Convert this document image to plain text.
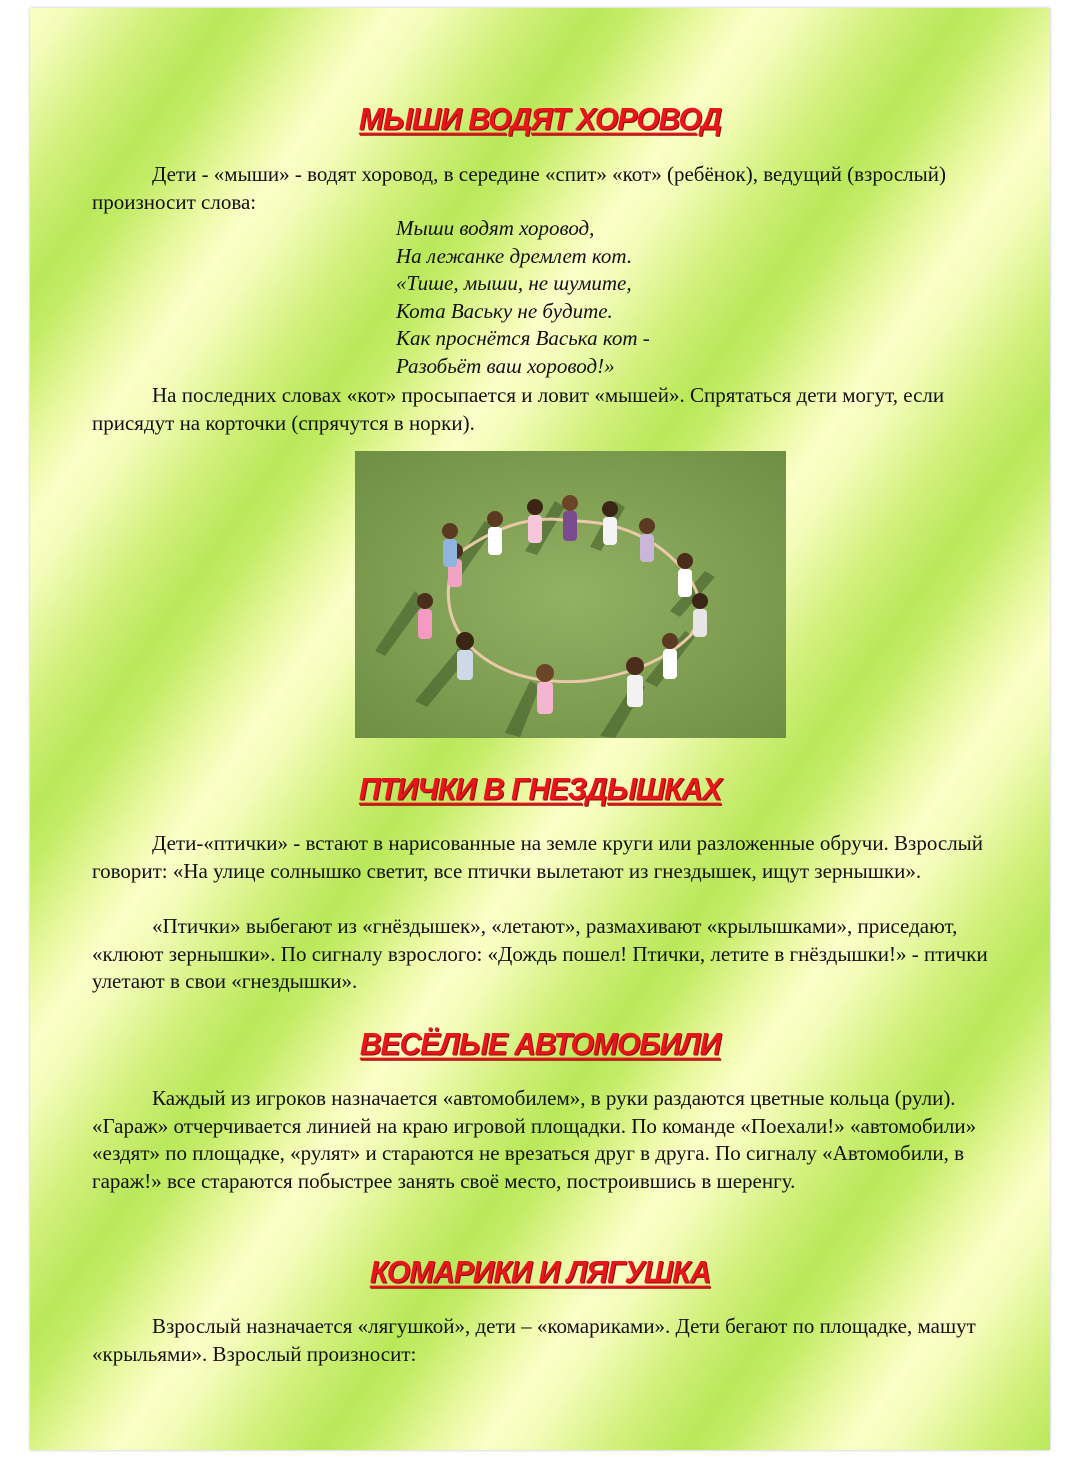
МЫШИ ВОДЯТ ХОРОВОД

Дети - «мыши» - водят хоровод, в середине «спит» «кот» (ребёнок), ведущий (взрослый) произносит слова:

Мыши водят хоровод,
На лежанке дремлет кот.
«Тише, мыши, не шумите,
Кота Ваську не будите.
Как проснётся Васька кот -
Разобьёт ваш хоровод!»

На последних словах «кот» просыпается и ловит «мышей». Спрятаться дети могут, если присядут на корточки (спрячутся в норки).

ПТИЧКИ В ГНЕЗДЫШКАХ

Дети-«птички» - встают в нарисованные на земле круги или разложенные обручи. Взрослый говорит: «На улице солнышко светит, все птички вылетают из гнездышек, ищут зернышки».

«Птички» выбегают из «гнёздышек», «летают», размахивают «крылышками», приседают, «клюют зернышки». По сигналу взрослого: «Дождь пошел! Птички, летите в гнёздышки!» - птички улетают в свои «гнездышки».

ВЕСЁЛЫЕ АВТОМОБИЛИ

Каждый из игроков назначается «автомобилем», в руки раздаются цветные кольца (рули). «Гараж» отчерчивается линией на краю игровой площадки. По команде «Поехали!» «автомобили» «ездят» по площадке, «рулят» и стараются не врезаться друг в друга. По сигналу «Автомобили, в гараж!» все стараются побыстрее занять своё место, построившись в шеренгу.

КОМАРИКИ И ЛЯГУШКА

Взрослый назначается «лягушкой», дети – «комариками». Дети бегают по площадке, машут «крыльями». Взрослый произносит:
